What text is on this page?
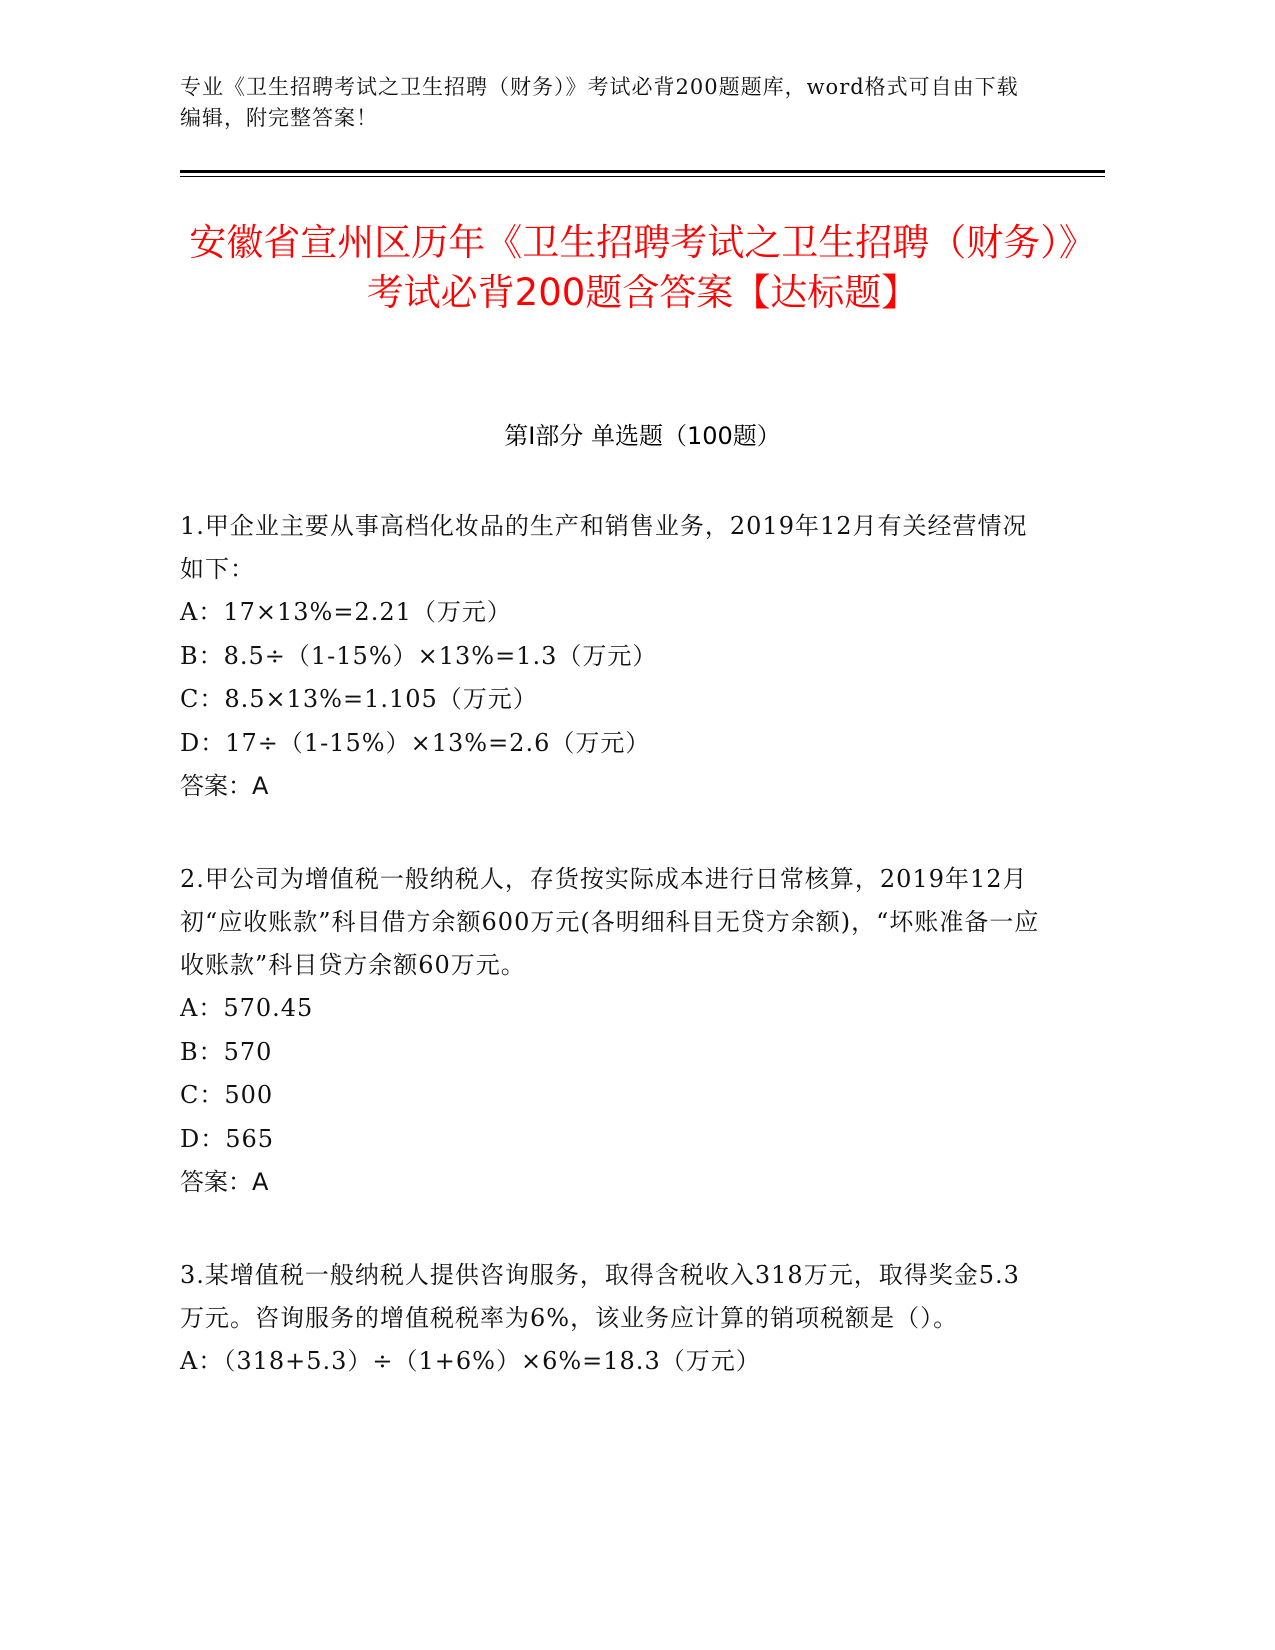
专业《卫生招聘考试之卫生招聘（财务）》考试必背200题题库，word格式可自由下载编辑，附完整答案！
安徽省宣州区历年《卫生招聘考试之卫生招聘（财务）》考试必背200题含答案【达标题】
第I部分 单选题（100题）

1.甲企业主要从事高档化妆品的生产和销售业务，2019年12月有关经营情况如下：

A：17×13%=2.21（万元）

B：8.5÷（1-15%）×13%=1.3（万元）

C：8.5×13%=1.105（万元）

D：17÷（1-15%）×13%=2.6（万元）

答案：A

2.甲公司为增值税一般纳税人，存货按实际成本进行日常核算，2019年12月初“应收账款”科目借方余额600万元(各明细科目无贷方余额)，“坏账准备一应收账款”科目贷方余额60万元。

A：570.45

B：570

C：500

D：565

答案：A

3.某增值税一般纳税人提供咨询服务，取得含税收入318万元，取得奖金5.3万元。咨询服务的增值税税率为6%，该业务应计算的销项税额是（）。

A：（318+5.3）÷（1+6%）×6%=18.3（万元）
